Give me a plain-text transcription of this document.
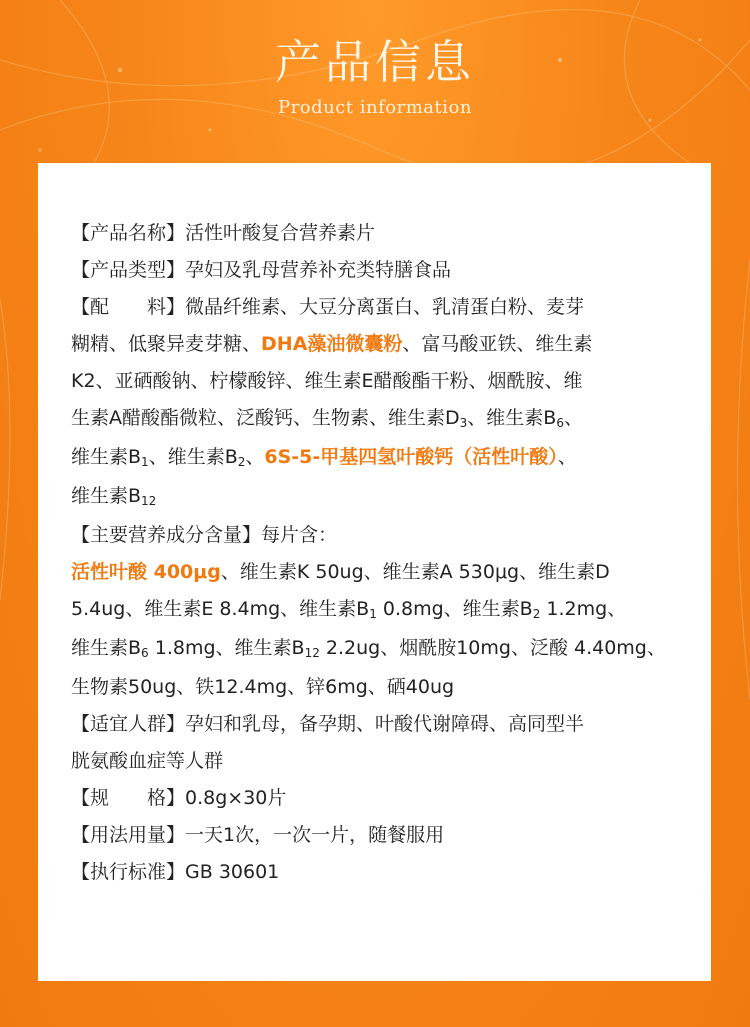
产品信息
Product information
【产品名称】活性叶酸复合营养素片
【产品类型】孕妇及乳母营养补充类特膳食品
【配　　料】微晶纤维素、大豆分离蛋白、乳清蛋白粉、麦芽
糊精、低聚异麦芽糖、DHA藻油微囊粉、富马酸亚铁、维生素
K2、亚硒酸钠、柠檬酸锌、维生素E醋酸酯干粉、烟酰胺、维
生素A醋酸酯微粒、泛酸钙、生物素、维生素D3、维生素B6、
维生素B1、维生素B2、6S-5-甲基四氢叶酸钙（活性叶酸）、
维生素B12
【主要营养成分含量】每片含：
活性叶酸 400μg、维生素K 50ug、维生素A 530μg、维生素D
5.4ug、维生素E 8.4mg、维生素B1 0.8mg、维生素B2 1.2mg、
维生素B6 1.8mg、维生素B12 2.2ug、烟酰胺10mg、泛酸 4.40mg、
生物素50ug、铁12.4mg、锌6mg、硒40ug
【适宜人群】孕妇和乳母，备孕期、叶酸代谢障碍、高同型半
胱氨酸血症等人群
【规　　格】0.8g×30片
【用法用量】一天1次，一次一片，随餐服用
【执行标准】GB 30601
